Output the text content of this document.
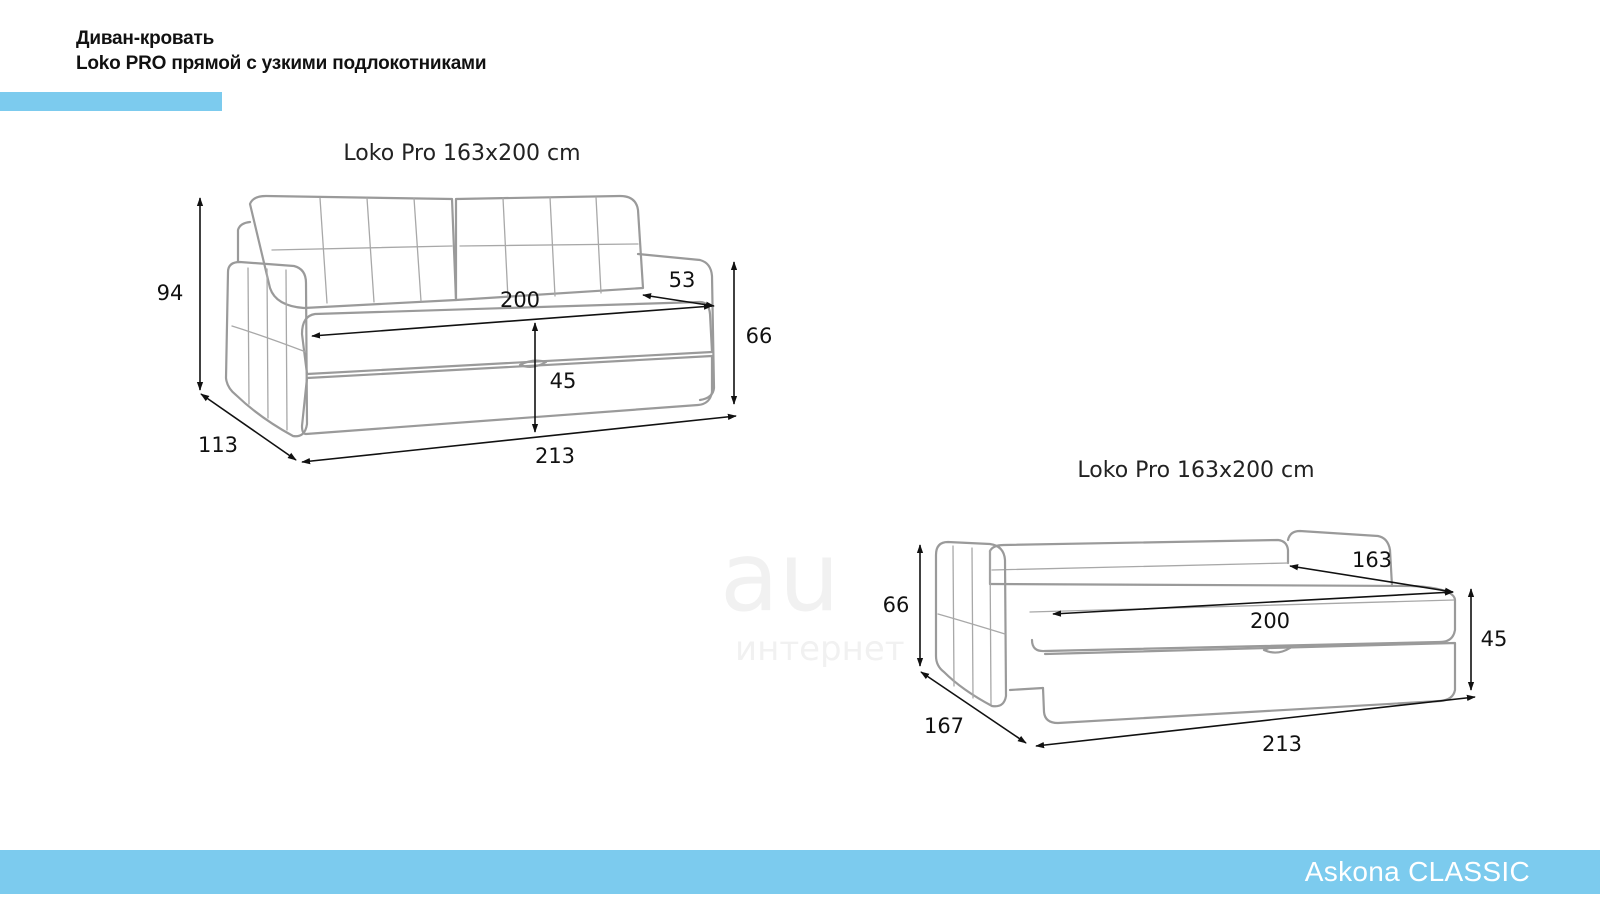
Диван-кровать
Loko PRO прямой с узкими подлокотниками
au
интернет
Loko Pro 163x200 cm
94
113	213
200
53
66
45
Loko Pro 163x200 cm
66
167
213
200
163
45
Askona CLASSIC
